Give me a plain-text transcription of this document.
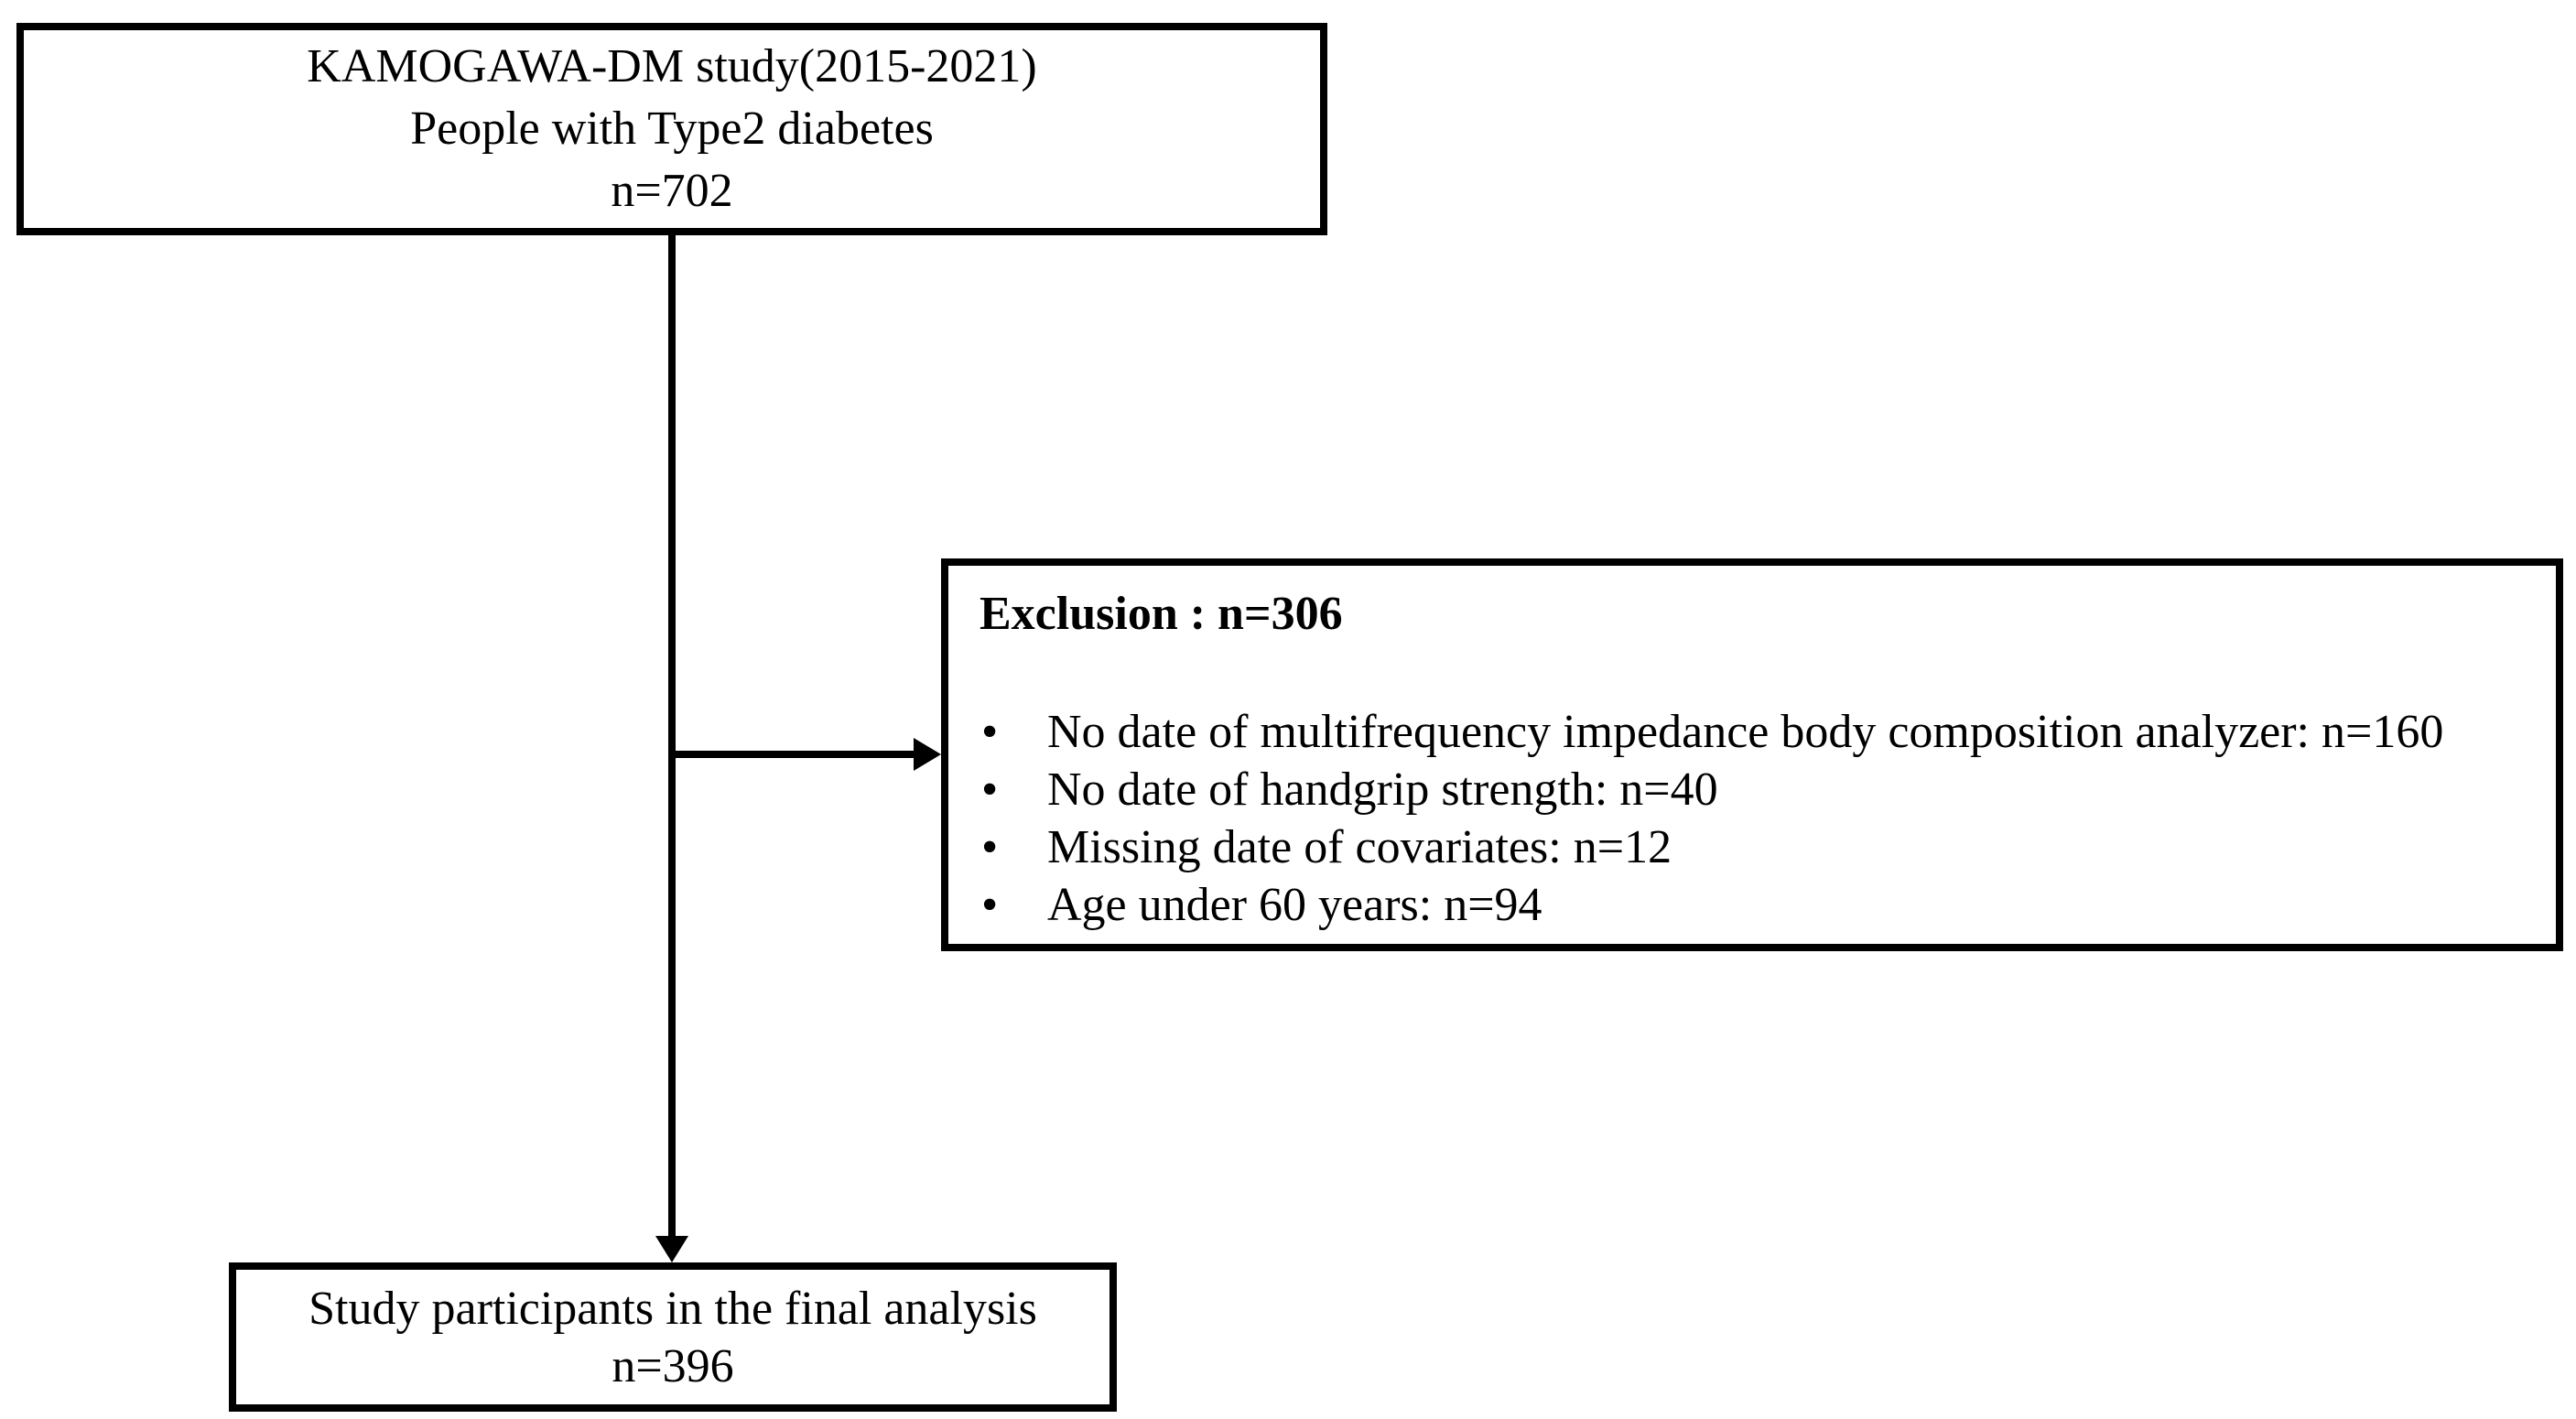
KAMOGAWA-DM study(2015-2021)
People with Type2 diabetes
n=702
Exclusion : n=306
• No date of multifrequency impedance body composition analyzer: n=160
• No date of handgrip strength: n=40
• Missing date of covariates: n=12
• Age under 60 years: n=94
Study participants in the final analysis
n=396
